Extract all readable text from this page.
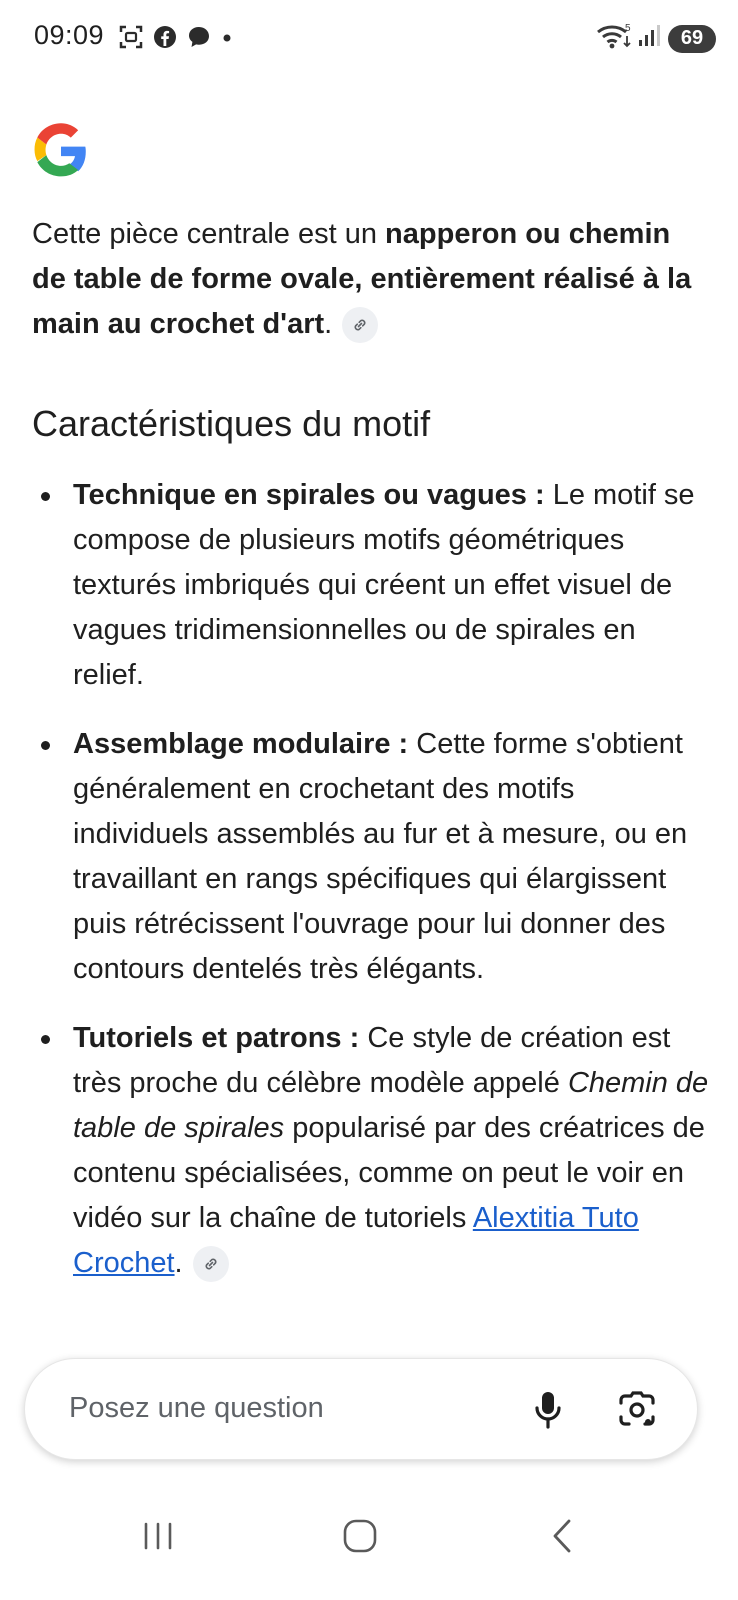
09:09	5	69

Cette pièce centrale est un napperon ou chemin de table de forme ovale, entièrement réalisé à la main au crochet d'art.

Caractéristiques du motif
Technique en spirales ou vagues : Le motif se compose de plusieurs motifs géométriques texturés imbriqués qui créent un effet visuel de vagues tridimensionnelles ou de spirales en relief.
Assemblage modulaire : Cette forme s'obtient généralement en crochetant des motifs individuels assemblés au fur et à mesure, ou en travaillant en rangs spécifiques qui élargissent puis rétrécissent l'ouvrage pour lui donner des contours dentelés très élégants.
Tutoriels et patrons : Ce style de création est très proche du célèbre modèle appelé Chemin de table de spirales popularisé par des créatrices de contenu spécialisées, comme on peut le voir en vidéo sur la chaîne de tutoriels Alextitia Tuto Crochet.
Posez une question
